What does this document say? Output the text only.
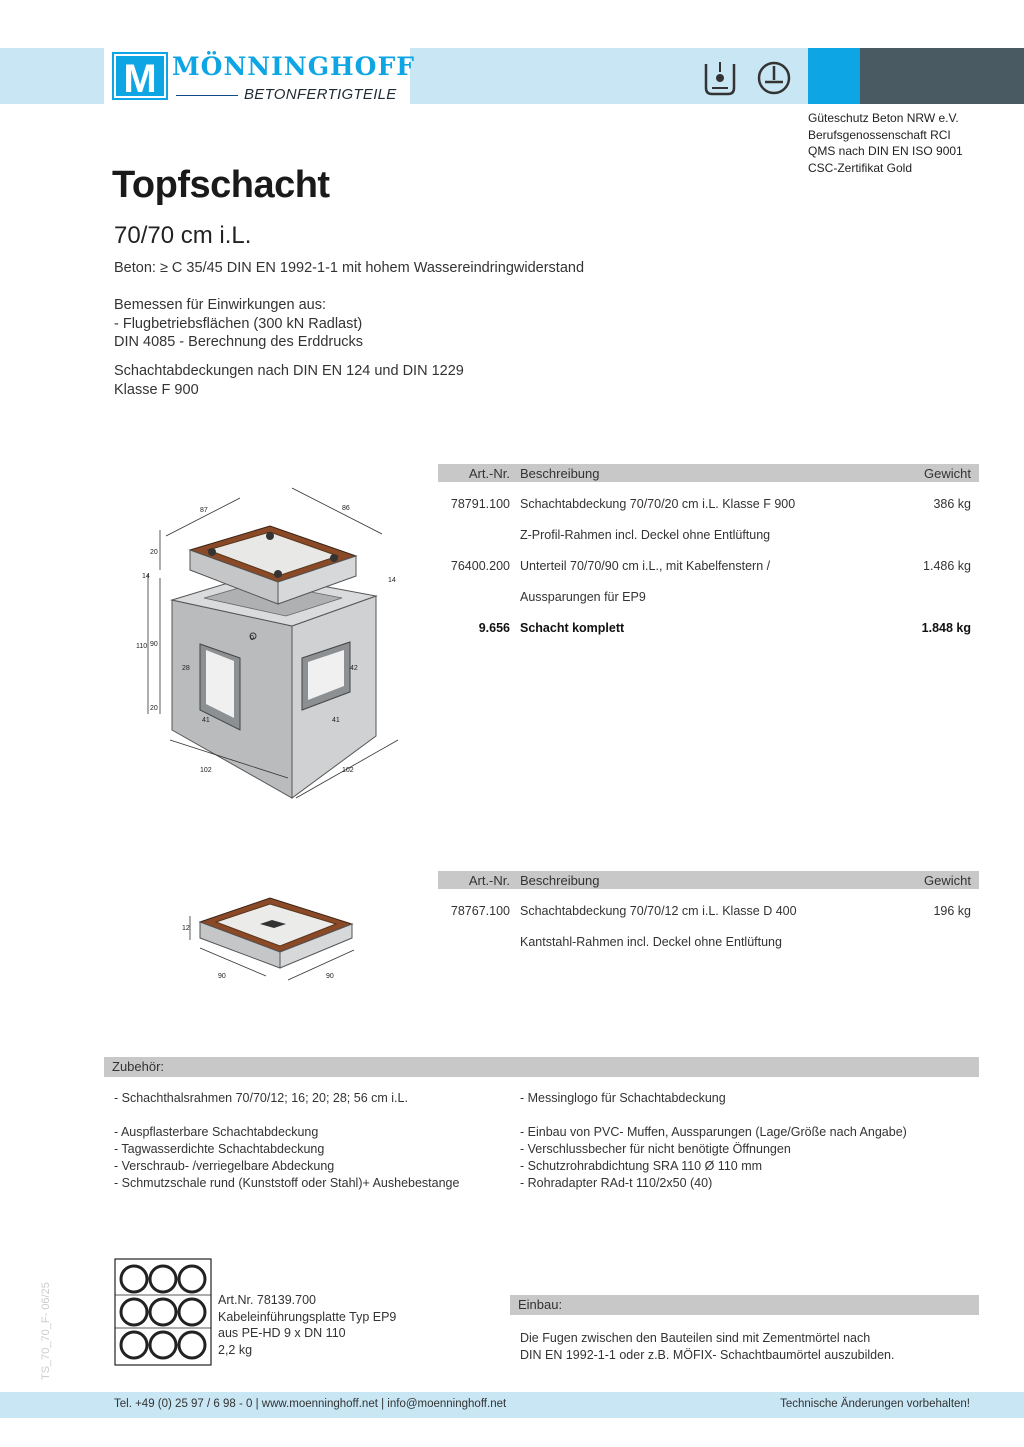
M MÖNNINGHOFF
BETONFERTIGTEILE
Güteschutz Beton NRW e.V.
Berufsgenossenschaft RCI
QMS nach DIN EN ISO 9001
CSC-Zertifikat Gold
Topfschacht
70/70 cm i.L.
Beton: ≥ C 35/45 DIN EN 1992-1-1 mit hohem Wassereindringwiderstand
Bemessen für Einwirkungen aus:
- Flugbetriebsflächen (300 kN Radlast)
DIN 4085 - Berechnung des Erddrucks
Schachtabdeckungen nach DIN EN 124 und DIN 1229
Klasse F 900
87	86
20
14
14
110 90
20
28	42
41	41
102	102
0
Art.-Nr. Beschreibung	Gewicht
78791.100 Schachtabdeckung 70/70/20 cm i.L. Klasse F 900	386 kg
Z-Profil-Rahmen incl. Deckel ohne Entlüftung
76400.200 Unterteil 70/70/90 cm i.L., mit Kabelfenstern /	1.486 kg
Aussparungen für EP9
9.656 Schacht komplett	1.848 kg
12
90	90
Art.-Nr. Beschreibung	Gewicht
78767.100 Schachtabdeckung 70/70/12 cm i.L. Klasse D 400	196 kg
Kantstahl-Rahmen incl. Deckel ohne Entlüftung
Zubehör:
- Schachthalsrahmen 70/70/12; 16; 20; 28; 56 cm i.L.

- Auspflasterbare Schachtabdeckung
- Tagwasserdichte Schachtabdeckung
- Verschraub- /verriegelbare Abdeckung
- Schmutzschale rund (Kunststoff oder Stahl)+ Aushebestange
- Messinglogo für Schachtabdeckung

- Einbau von PVC- Muffen, Aussparungen (Lage/Größe nach Angabe)
- Verschlussbecher für nicht benötigte Öffnungen
- Schutzrohrabdichtung SRA 110 Ø 110 mm
- Rohradapter RAd-t 110/2x50 (40)
Art.Nr. 78139.700
Kabeleinführungsplatte Typ EP9
aus PE-HD 9 x DN 110
2,2 kg
Einbau:
Die Fugen zwischen den Bauteilen sind mit Zementmörtel nach
DIN EN 1992-1-1 oder z.B. MÖFIX- Schachtbaumörtel auszubilden.
TS_70_70_F- 06/25
Tel. +49 (0) 25 97 / 6 98 - 0 | www.moenninghoff.net | info@moenninghoff.net	Technische Änderungen vorbehalten!
